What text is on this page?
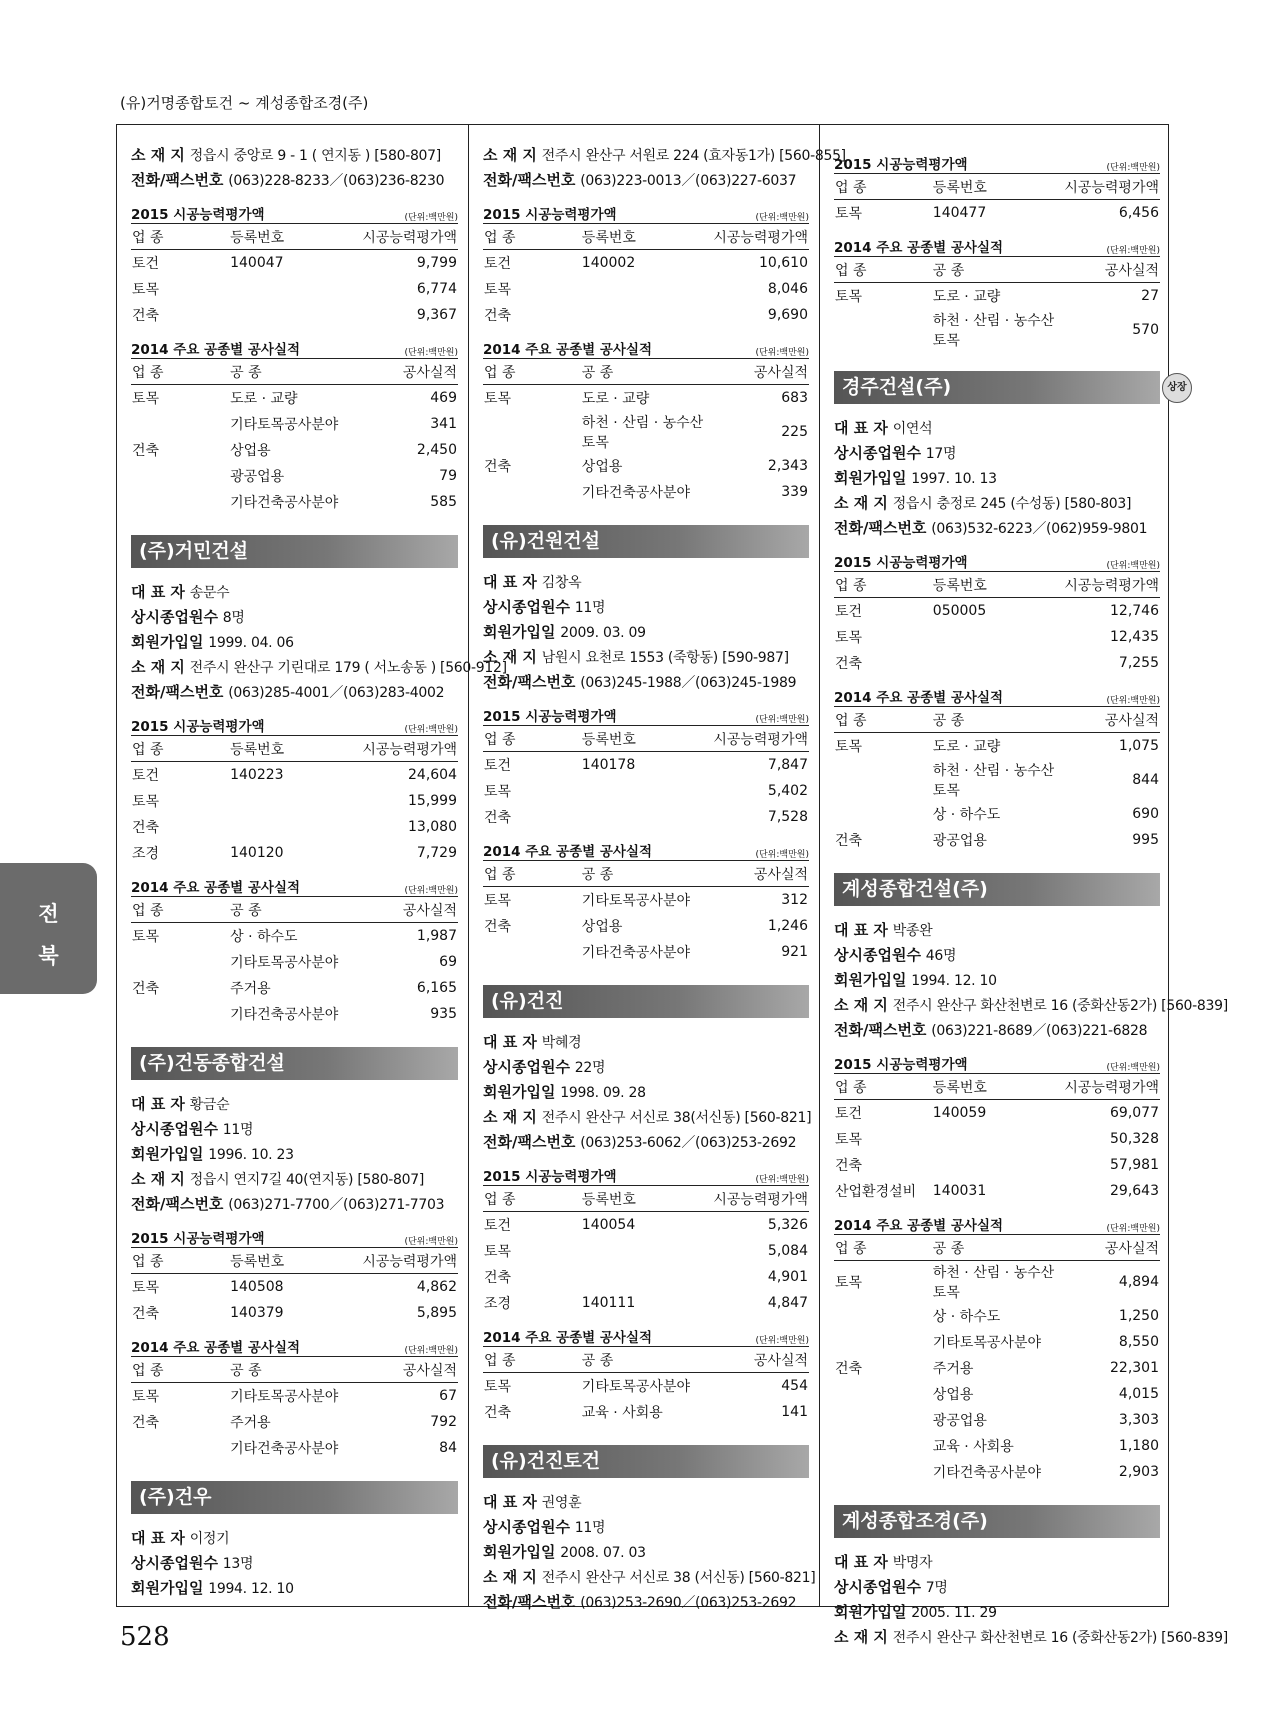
(유)거명종합토건 ~ 계성종합조경(주)
전
북
소 재 지 정읍시 중앙로 9 - 1 ( 연지동 ) [580-807]
전화/팩스번호 (063)228-8233／(063)236-8230
2015 시공능력평가액	(단위:백만원)
업 종	등록번호	시공능력평가액
토건	140047	9,799
토목		6,774
건축		9,367
2014 주요 공종별 공사실적	(단위:백만원)
업 종	공 종	공사실적
토목	도로 · 교량	469
	기타토목공사분야	341
건축	상업용	2,450
	광공업용	79
	기타건축공사분야	585
(주)거민건설
대 표 자 송문수
상시종업원수 8명
회원가입일 1999. 04. 06
소 재 지 전주시 완산구 기린대로 179 ( 서노송동 ) [560-912]
전화/팩스번호 (063)285-4001／(063)283-4002
2015 시공능력평가액	(단위:백만원)
업 종	등록번호	시공능력평가액
토건	140223	24,604
토목		15,999
건축		13,080
조경	140120	7,729
2014 주요 공종별 공사실적	(단위:백만원)
업 종	공 종	공사실적
토목	상 · 하수도	1,987
	기타토목공사분야	69
건축	주거용	6,165
	기타건축공사분야	935
(주)건동종합건설
대 표 자 황금순
상시종업원수 11명
회원가입일 1996. 10. 23
소 재 지 정읍시 연지7길 40(연지동) [580-807]
전화/팩스번호 (063)271-7700／(063)271-7703
2015 시공능력평가액	(단위:백만원)
업 종	등록번호	시공능력평가액
토목	140508	4,862
건축	140379	5,895
2014 주요 공종별 공사실적	(단위:백만원)
업 종	공 종	공사실적
토목	기타토목공사분야	67
건축	주거용	792
	기타건축공사분야	84
(주)건우
대 표 자 이정기
상시종업원수 13명
회원가입일 1994. 12. 10
소 재 지 전주시 완산구 서원로 224 (효자동1가) [560-855]
전화/팩스번호 (063)223-0013／(063)227-6037
2015 시공능력평가액	(단위:백만원)
업 종	등록번호	시공능력평가액
토건	140002	10,610
토목		8,046
건축		9,690
2014 주요 공종별 공사실적	(단위:백만원)
업 종	공 종	공사실적
토목	도로 · 교량	683
	하천 · 산림 · 농수산토목	225
건축	상업용	2,343
	기타건축공사분야	339
(유)건원건설
대 표 자 김창옥
상시종업원수 11명
회원가입일 2009. 03. 09
소 재 지 남원시 요천로 1553 (죽항동) [590-987]
전화/팩스번호 (063)245-1988／(063)245-1989
2015 시공능력평가액	(단위:백만원)
업 종	등록번호	시공능력평가액
토건	140178	7,847
토목		5,402
건축		7,528
2014 주요 공종별 공사실적	(단위:백만원)
업 종	공 종	공사실적
토목	기타토목공사분야	312
건축	상업용	1,246
	기타건축공사분야	921
(유)건진
대 표 자 박혜경
상시종업원수 22명
회원가입일 1998. 09. 28
소 재 지 전주시 완산구 서신로 38(서신동) [560-821]
전화/팩스번호 (063)253-6062／(063)253-2692
2015 시공능력평가액	(단위:백만원)
업 종	등록번호	시공능력평가액
토건	140054	5,326
토목		5,084
건축		4,901
조경	140111	4,847
2014 주요 공종별 공사실적	(단위:백만원)
업 종	공 종	공사실적
토목	기타토목공사분야	454
건축	교육 · 사회용	141
(유)건진토건
대 표 자 권영훈
상시종업원수 11명
회원가입일 2008. 07. 03
소 재 지 전주시 완산구 서신로 38 (서신동) [560-821]
전화/팩스번호 (063)253-2690／(063)253-2692
2015 시공능력평가액	(단위:백만원)
업 종	등록번호	시공능력평가액
토목	140477	6,456
2014 주요 공종별 공사실적	(단위:백만원)
업 종	공 종	공사실적
토목	도로 · 교량	27
	하천 · 산림 · 농수산토목	570
경주건설(주)	상장
대 표 자 이연석
상시종업원수 17명
회원가입일 1997. 10. 13
소 재 지 정읍시 충정로 245 (수성동) [580-803]
전화/팩스번호 (063)532-6223／(062)959-9801
2015 시공능력평가액	(단위:백만원)
업 종	등록번호	시공능력평가액
토건	050005	12,746
토목		12,435
건축		7,255
2014 주요 공종별 공사실적	(단위:백만원)
업 종	공 종	공사실적
토목	도로 · 교량	1,075
	하천 · 산림 · 농수산토목	844
	상 · 하수도	690
건축	광공업용	995
계성종합건설(주)
대 표 자 박종완
상시종업원수 46명
회원가입일 1994. 12. 10
소 재 지 전주시 완산구 화산천변로 16 (중화산동2가) [560-839]
전화/팩스번호 (063)221-8689／(063)221-6828
2015 시공능력평가액	(단위:백만원)
업 종	등록번호	시공능력평가액
토건	140059	69,077
토목		50,328
건축		57,981
산업환경설비	140031	29,643
2014 주요 공종별 공사실적	(단위:백만원)
업 종	공 종	공사실적
토목	하천 · 산림 · 농수산토목	4,894
	상 · 하수도	1,250
	기타토목공사분야	8,550
건축	주거용	22,301
	상업용	4,015
	광공업용	3,303
	교육 · 사회용	1,180
	기타건축공사분야	2,903
계성종합조경(주)
대 표 자 박명자
상시종업원수 7명
회원가입일 2005. 11. 29
소 재 지 전주시 완산구 화산천변로 16 (중화산동2가) [560-839]
528
